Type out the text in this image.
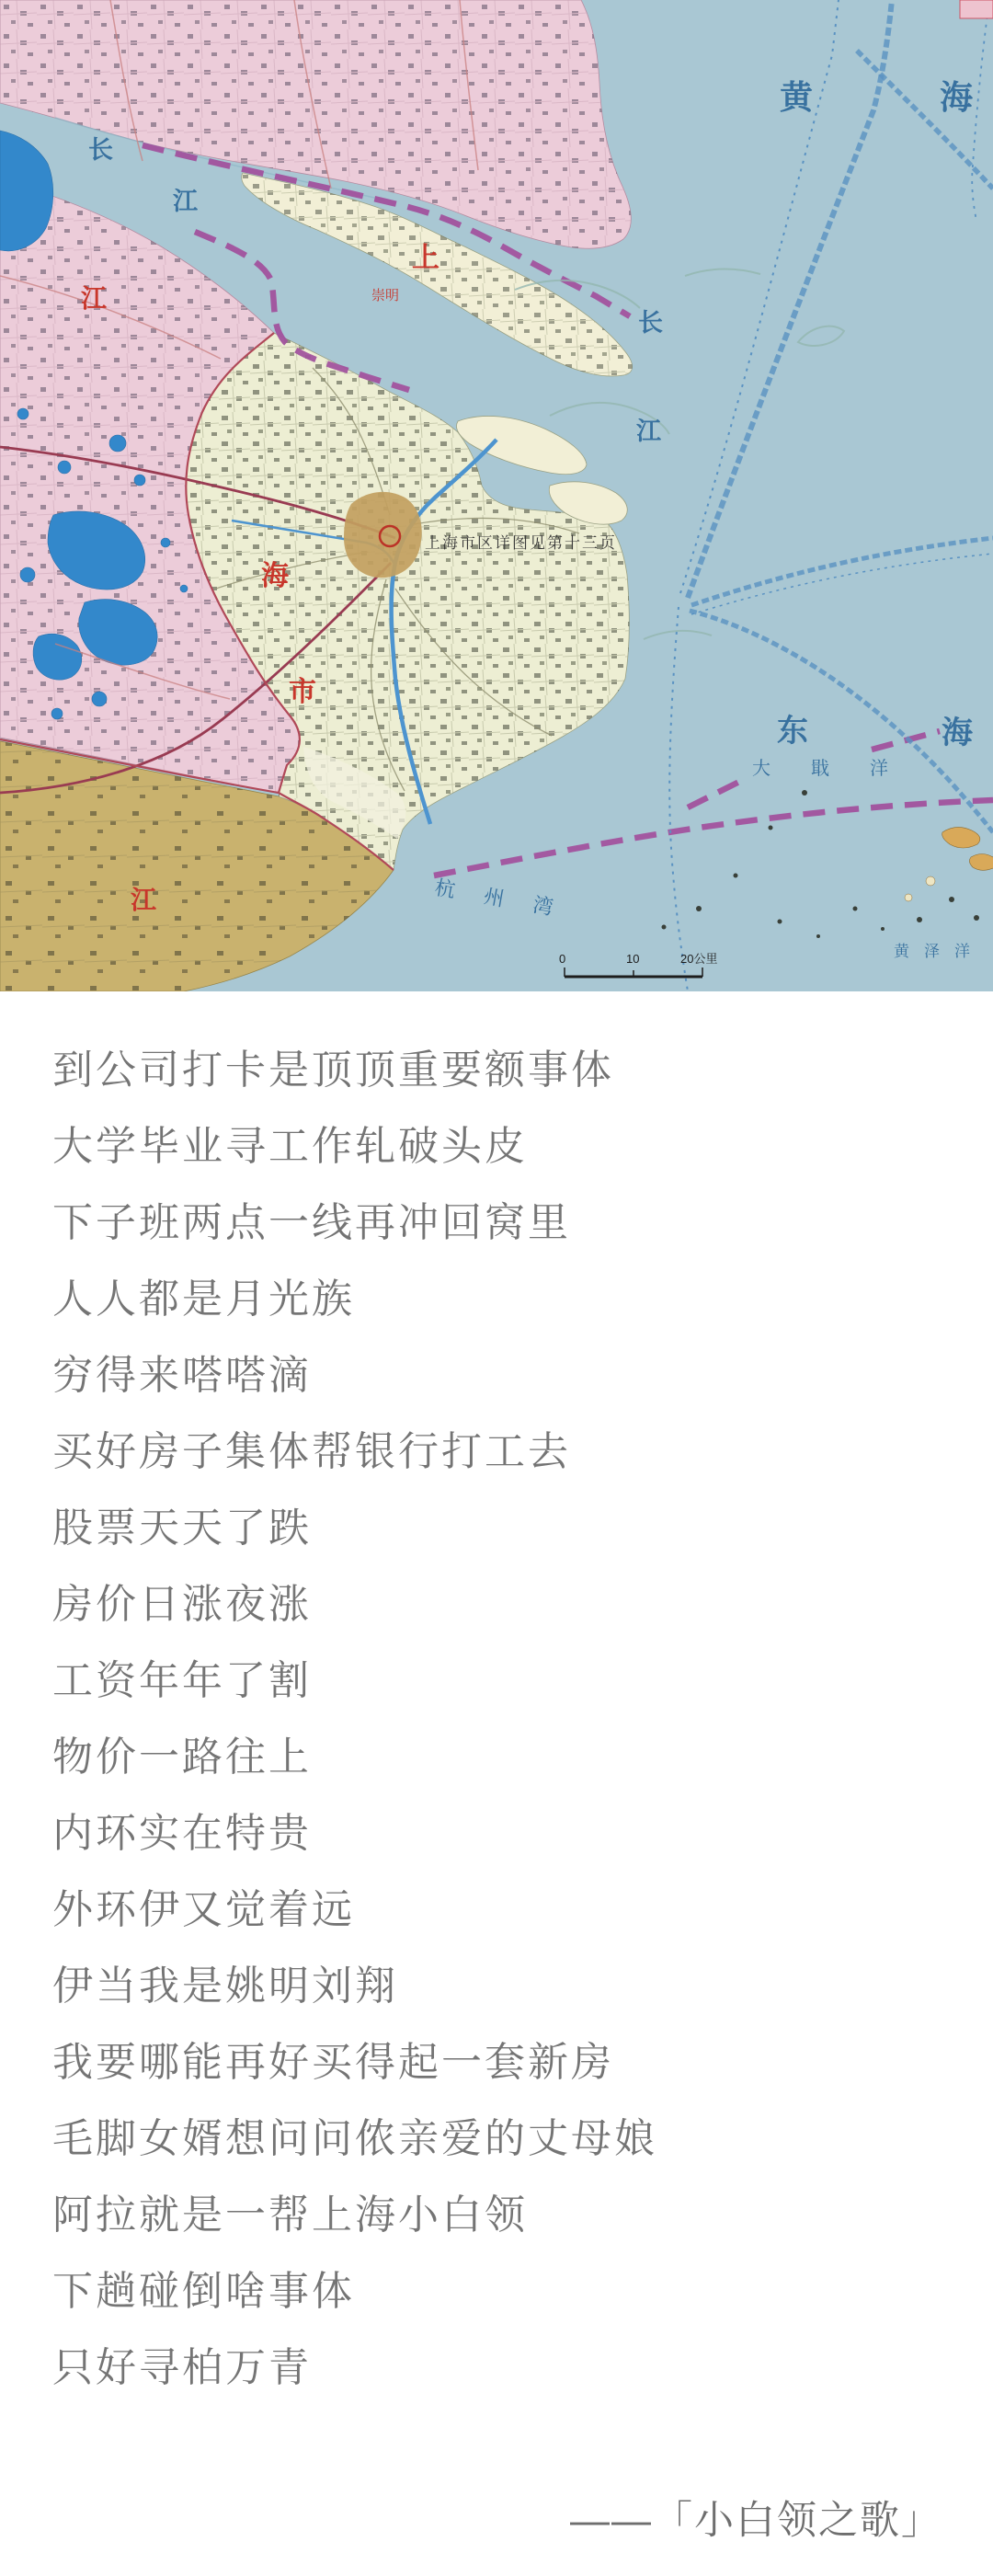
0	10	20公里
黄	海
东	海
长
江
长
江
大戢洋
黄泽洋
杭州湾
上
海
市
江
江
崇明
上海市区详图见第十三页

到公司打卡是顶顶重要额事体

大学毕业寻工作轧破头皮

下子班两点一线再冲回窝里

人人都是月光族

穷得来嗒嗒滴

买好房子集体帮银行打工去

股票天天了跌

房价日涨夜涨

工资年年了割

物价一路往上

内环实在特贵

外环伊又觉着远

伊当我是姚明刘翔

我要哪能再好买得起一套新房

毛脚女婿想问问侬亲爱的丈母娘

阿拉就是一帮上海小白领

下趟碰倒啥事体

只好寻柏万青

——「小白领之歌」
